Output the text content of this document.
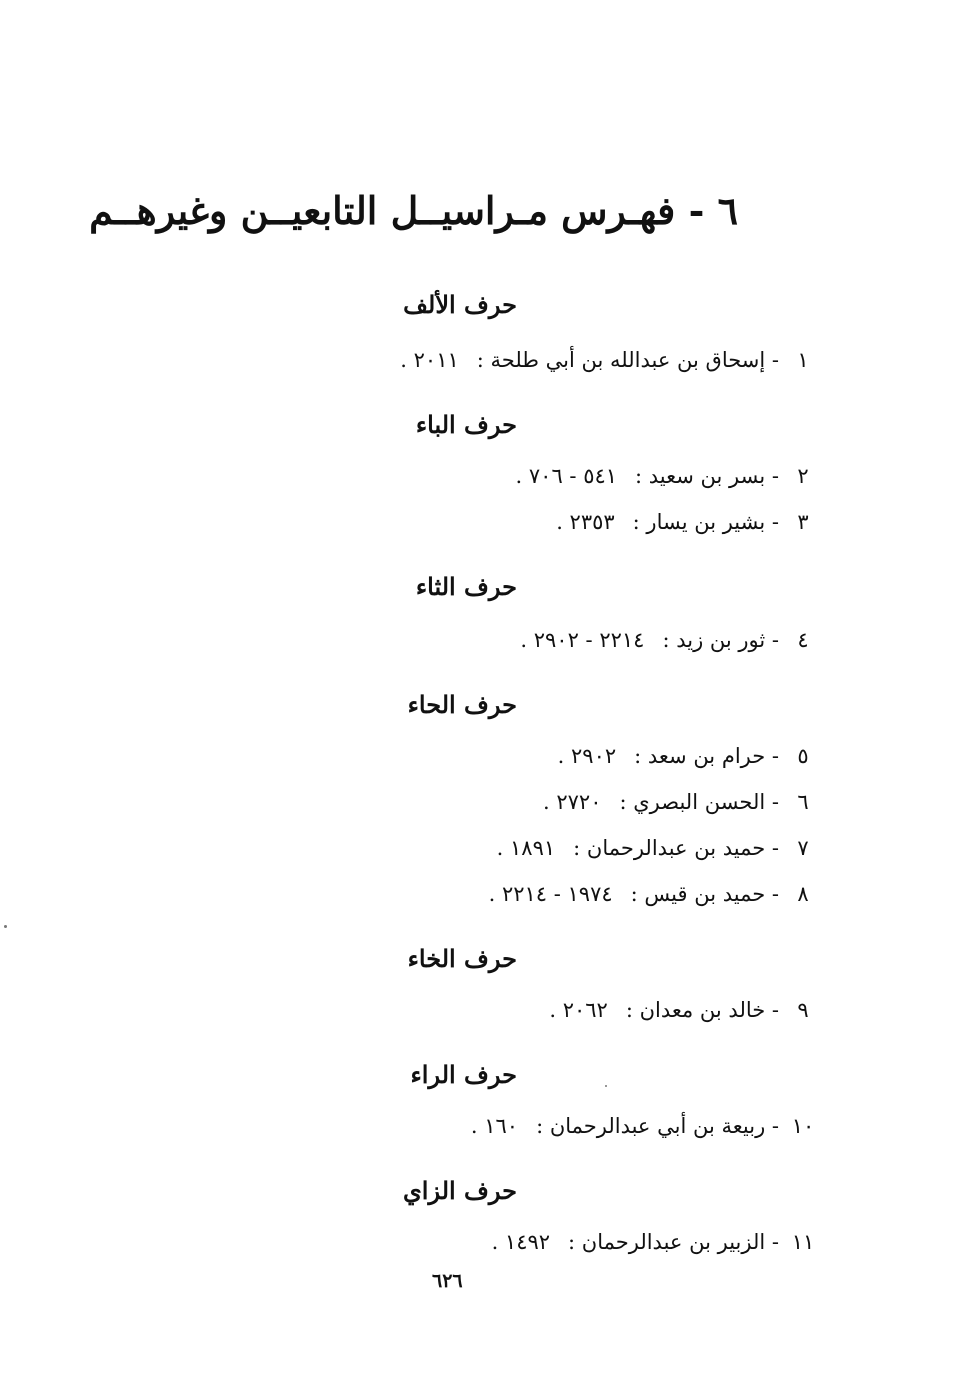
٦ - فهـرس مـراسيــل التابعيــن وغيرهــم
حرف الألف
١
- إسحاق بن عبدالله بن أبي طلحة :
٢٠١١ .
حرف الباء
٢
- بسر بن سعيد :
٥٤١ - ٧٠٦ .
٣
- بشير بن يسار :
٢٣٥٣ .
حرف الثاء
٤
- ثور بن زيد :
٢٢١٤ - ٢٩٠٢ .
حرف الحاء
٥
- حرام بن سعد :
٢٩٠٢ .
٦
- الحسن البصري :
٢٧٢٠ .
٧
- حميد بن عبدالرحمان :
١٨٩١ .
٨
- حميد بن قيس :
١٩٧٤ - ٢٢١٤ .
حرف الخاء
٩
- خالد بن معدان :
٢٠٦٢ .
حرف الراء
١٠
- ربيعة بن أبي عبدالرحمان :
١٦٠ .
حرف الزاي
١١
- الزبير بن عبدالرحمان :
١٤٩٢ .
٦٢٦
